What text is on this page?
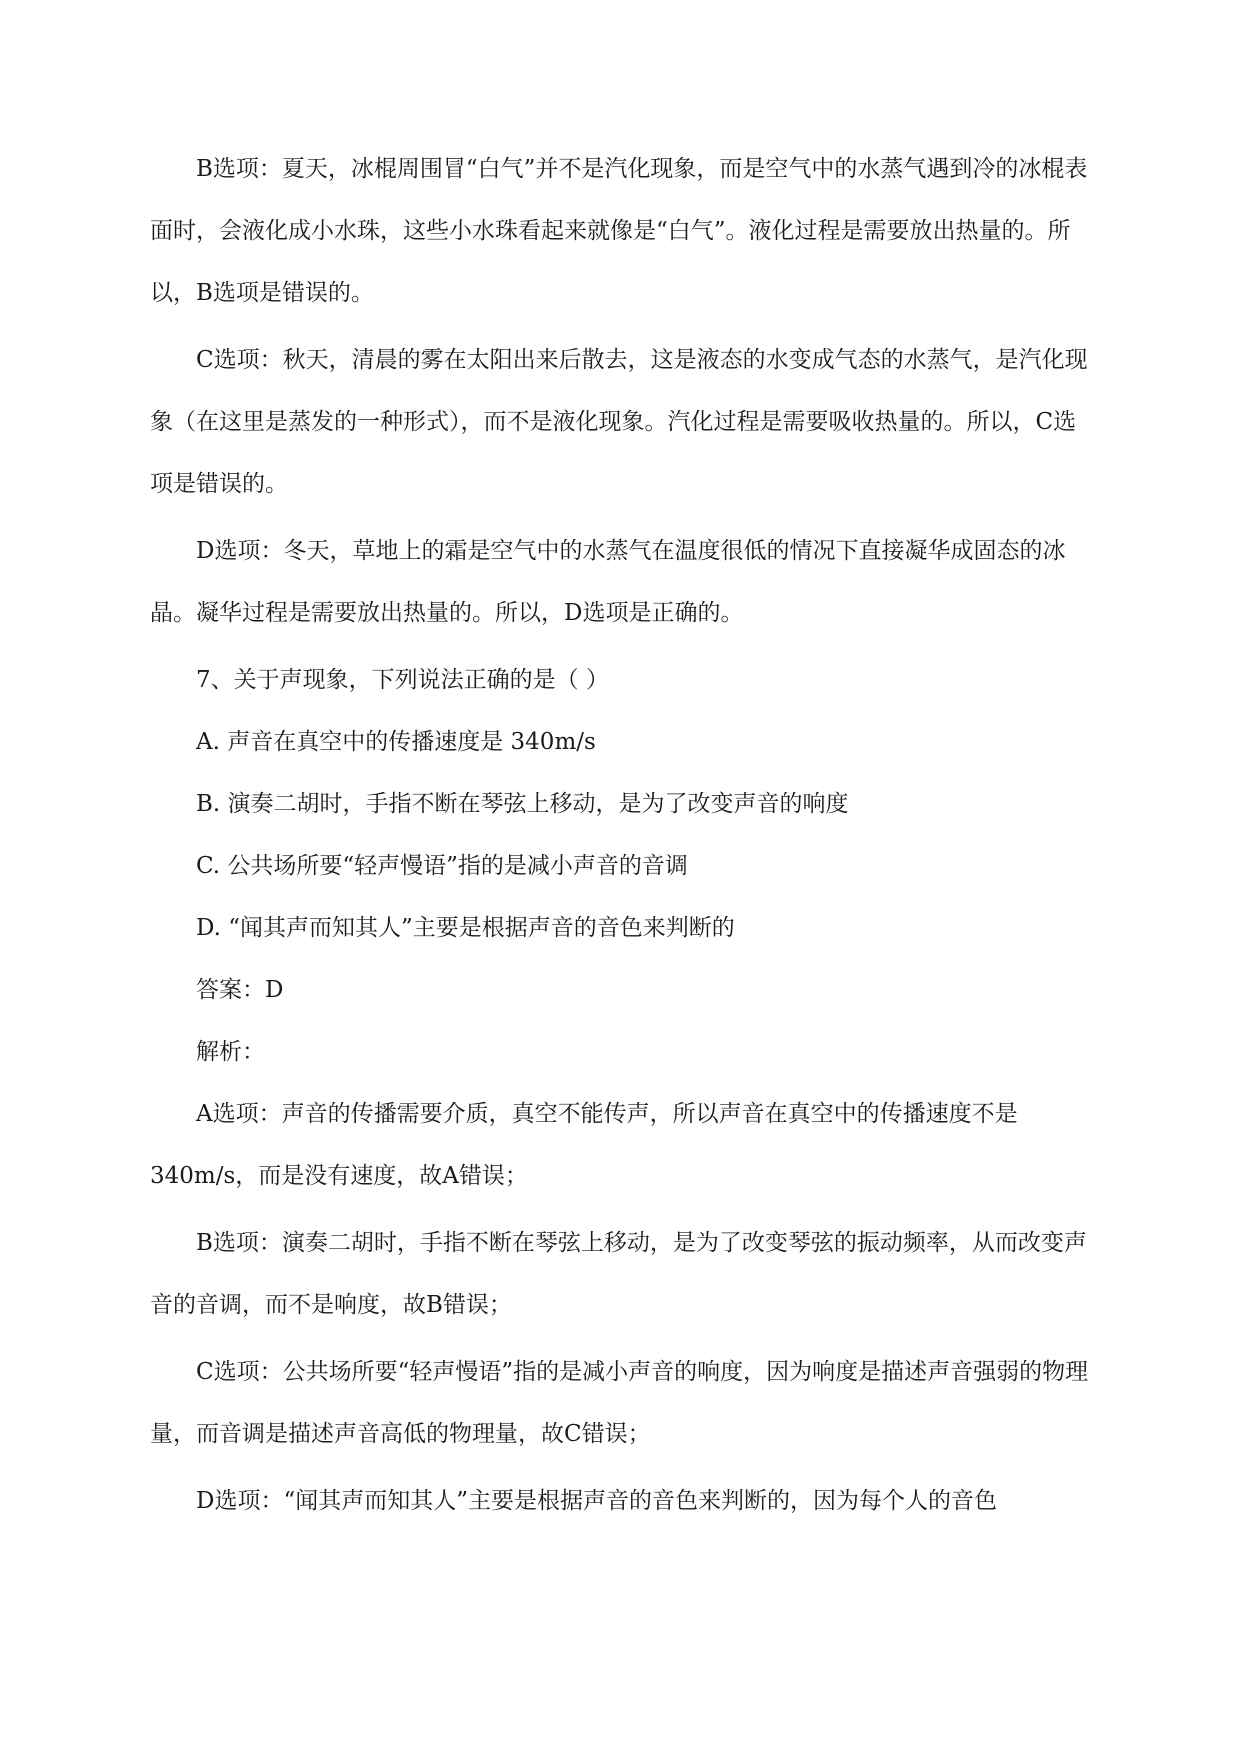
B选项：夏天，冰棍周围冒“白气”并不是汽化现象，而是空气中的水蒸气遇到冷的冰棍表面时，会液化成小水珠，这些小水珠看起来就像是“白气”。液化过程是需要放出热量的。所以，B选项是错误的。

C选项：秋天，清晨的雾在太阳出来后散去，这是液态的水变成气态的水蒸气，是汽化现象（在这里是蒸发的一种形式），而不是液化现象。汽化过程是需要吸收热量的。所以，C选项是错误的。

D选项：冬天，草地上的霜是空气中的水蒸气在温度很低的情况下直接凝华成固态的冰晶。凝华过程是需要放出热量的。所以，D选项是正确的。

7、关于声现象，下列说法正确的是（ ）

A. 声音在真空中的传播速度是 340m/s

B. 演奏二胡时，手指不断在琴弦上移动，是为了改变声音的响度

C. 公共场所要“轻声慢语”指的是减小声音的音调

D. “闻其声而知其人”主要是根据声音的音色来判断的

答案：D

解析：

A选项：声音的传播需要介质，真空不能传声，所以声音在真空中的传播速度不是340m/s，而是没有速度，故A错误；

B选项：演奏二胡时，手指不断在琴弦上移动，是为了改变琴弦的振动频率，从而改变声音的音调，而不是响度，故B错误；

C选项：公共场所要“轻声慢语”指的是减小声音的响度，因为响度是描述声音强弱的物理量，而音调是描述声音高低的物理量，故C错误；

D选项：“闻其声而知其人”主要是根据声音的音色来判断的，因为每个人的音色
